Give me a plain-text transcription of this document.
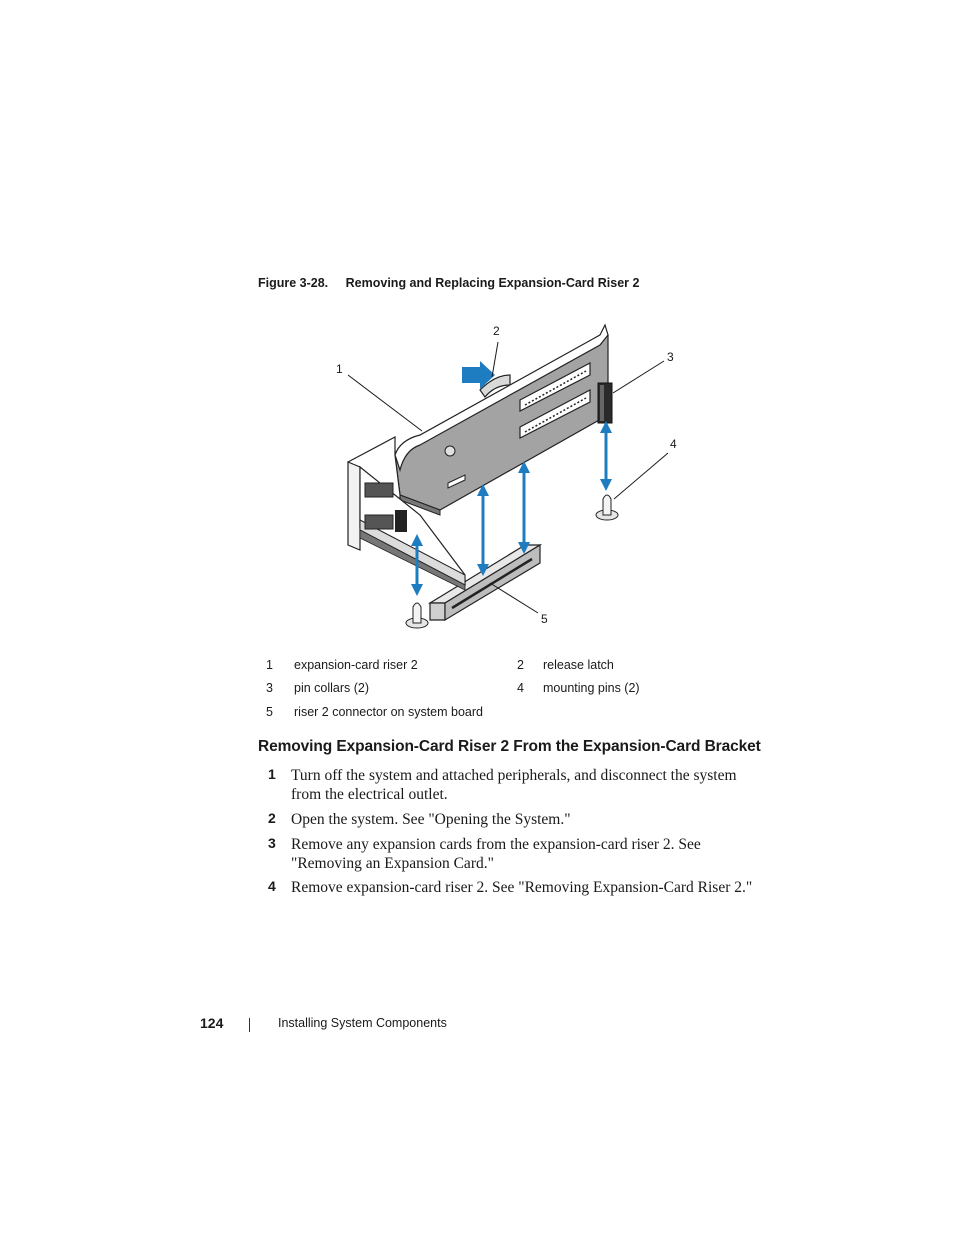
Figure 3-28. Removing and Replacing Expansion-Card Riser 2
1
2
3
4
5
1 expansion-card riser 2	2 release latch
3 pin collars (2)	4 mounting pins (2)
5 riser 2 connector on system board
Removing Expansion-Card Riser 2 From the Expansion-Card Bracket
1 Turn off the system and attached peripherals, and disconnect the system from the electrical outlet.
2 Open the system. See "Opening the System."
3 Remove any expansion cards from the expansion-card riser 2. See "Removing an Expansion Card."
4 Remove expansion-card riser 2. See "Removing Expansion-Card Riser 2."
124	Installing System Components
